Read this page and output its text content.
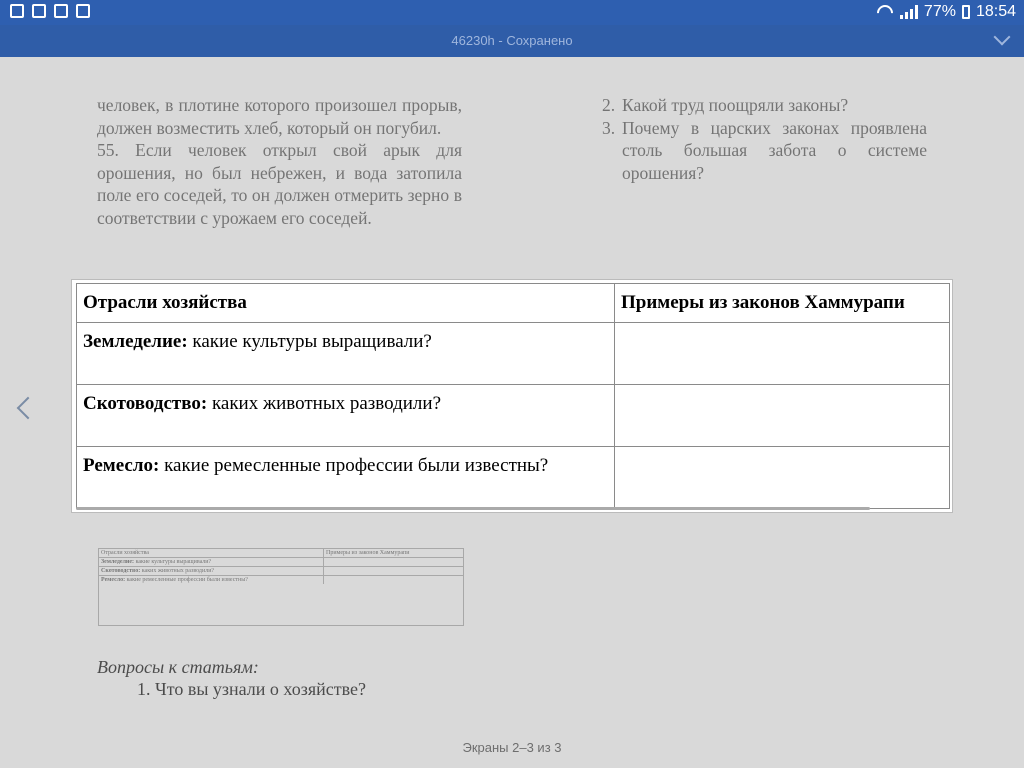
77% 18:54
46230h - Сохранено

человек, в плотине которого произошел прорыв, должен возместить хлеб, который он погубил.

55. Если человек открыл свой арык для орошения, но был небрежен, и вода затопила поле его соседей, то он должен отмерить зерно в соответствии с урожаем его соседей.

2. Какой труд поощряли законы?
3. Почему в царских законах проявлена столь большая забота о системе орошения?
Отрасли хозяйства	Примеры из законов Хаммурапи
Земледелие: какие культуры выращивали?
Скотоводство: каких животных разводили?
Ремесло: какие ремесленные профессии были известны?
Вопросы к статьям:
1. Что вы узнали о хозяйстве?
Экраны 2–3 из 3
Отрасли хозяйства	Примеры из законов Хаммурапи
Земледелие: какие культуры выращивали?	
Скотоводство: каких животных разводили?	
Ремесло: какие ремесленные профессии были известны?	
